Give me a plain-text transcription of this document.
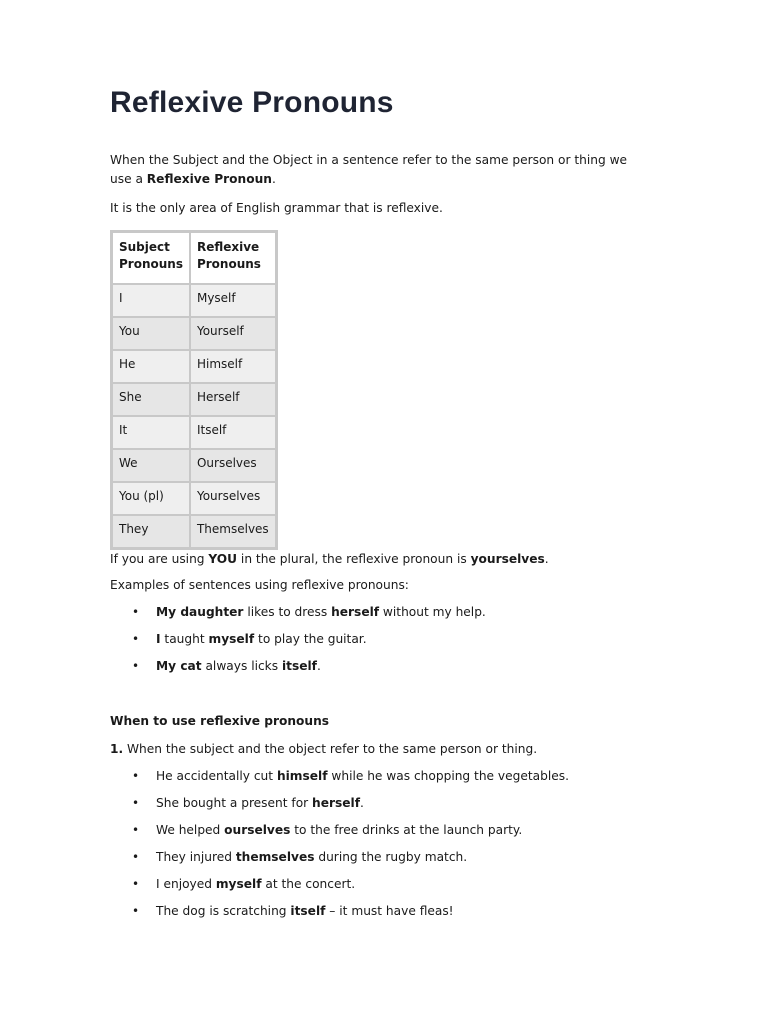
Reflexive Pronouns

When the Subject and the Object in a sentence refer to the same person or thing we use a Reflexive Pronoun.

It is the only area of English grammar that is reflexive.

Subject Pronouns	Reflexive Pronouns
I	Myself
You	Yourself
He	Himself
She	Herself
It	Itself
We	Ourselves
You (pl)	Yourselves
They	Themselves

If you are using YOU in the plural, the reflexive pronoun is yourselves.

Examples of sentences using reflexive pronouns:

• My daughter likes to dress herself without my help.
• I taught myself to play the guitar.
• My cat always licks itself.

When to use reflexive pronouns

1. When the subject and the object refer to the same person or thing.

• He accidentally cut himself while he was chopping the vegetables.
• She bought a present for herself.
• We helped ourselves to the free drinks at the launch party.
• They injured themselves during the rugby match.
• I enjoyed myself at the concert.
• The dog is scratching itself – it must have fleas!
